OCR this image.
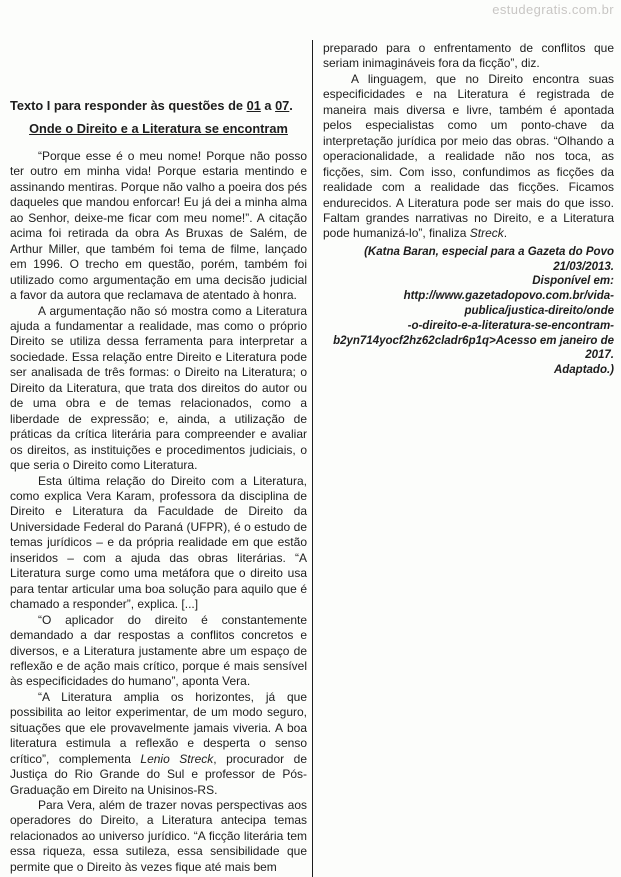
estudegratis.com.br
Texto I para responder às questões de 01 a 07.
Onde o Direito e a Literatura se encontram

“Porque esse é o meu nome! Porque não posso ter outro em minha vida! Porque estaria mentindo e assinando mentiras. Porque não valho a poeira dos pés daqueles que mandou enforcar! Eu já dei a minha alma ao Senhor, deixe-me ficar com meu nome!”. A citação acima foi retirada da obra As Bruxas de Salém, de Arthur Miller, que também foi tema de filme, lançado em 1996. O trecho em questão, porém, também foi utilizado como argumentação em uma decisão judicial a favor da autora que reclamava de atentado à honra.

A argumentação não só mostra como a Literatura ajuda a fundamentar a realidade, mas como o próprio Direito se utiliza dessa ferramenta para interpretar a sociedade. Essa relação entre Direito e Literatura pode ser analisada de três formas: o Direito na Literatura; o Direito da Literatura, que trata dos direitos do autor ou de uma obra e de temas relacionados, como a liberdade de expressão; e, ainda, a utilização de práticas da crítica literária para compreender e avaliar os direitos, as instituições e procedimentos judiciais, o que seria o Direito como Literatura.

Esta última relação do Direito com a Literatura, como explica Vera Karam, professora da disciplina de Direito e Literatura da Faculdade de Direito da Universidade Federal do Paraná (UFPR), é o estudo de temas jurídicos – e da própria realidade em que estão inseridos – com a ajuda das obras literárias. “A Literatura surge como uma metáfora que o direito usa para tentar articular uma boa solução para aquilo que é chamado a responder”, explica. [...]

“O aplicador do direito é constantemente demandado a dar respostas a conflitos concretos e diversos, e a Literatura justamente abre um espaço de reflexão e de ação mais crítico, porque é mais sensível às especificidades do humano”, aponta Vera.

“A Literatura amplia os horizontes, já que possibilita ao leitor experimentar, de um modo seguro, situações que ele provavelmente jamais viveria. A boa literatura estimula a reflexão e desperta o senso crítico”, complementa Lenio Streck, procurador de Justiça do Rio Grande do Sul e professor de Pós-Graduação em Direito na Unisinos-RS.

Para Vera, além de trazer novas perspectivas aos operadores do Direito, a Literatura antecipa temas relacionados ao universo jurídico. “A ficção literária tem essa riqueza, essa sutileza, essa sensibilidade que permite que o Direito às vezes fique até mais bem

preparado para o enfrentamento de conflitos que seriam inimagináveis fora da ficção”, diz.

A linguagem, que no Direito encontra suas especificidades e na Literatura é registrada de maneira mais diversa e livre, também é apontada pelos especialistas como um ponto-chave da interpretação jurídica por meio das obras. “Olhando a operacionalidade, a realidade não nos toca, as ficções, sim. Com isso, confundimos as ficções da realidade com a realidade das ficções. Ficamos endurecidos. A Literatura pode ser mais do que isso. Faltam grandes narrativas no Direito, e a Literatura pode humanizá-lo”, finaliza Streck.

(Katna Baran, especial para a Gazeta do Povo 21/03/2013.
Disponível em: http://www.gazetadopovo.com.br/vida-
publica/justica-direito/onde
-o-direito-e-a-literatura-se-encontram-
b2yn714yocf2hz62cladr6p1q>Acesso em janeiro de 2017.
Adaptado.)
